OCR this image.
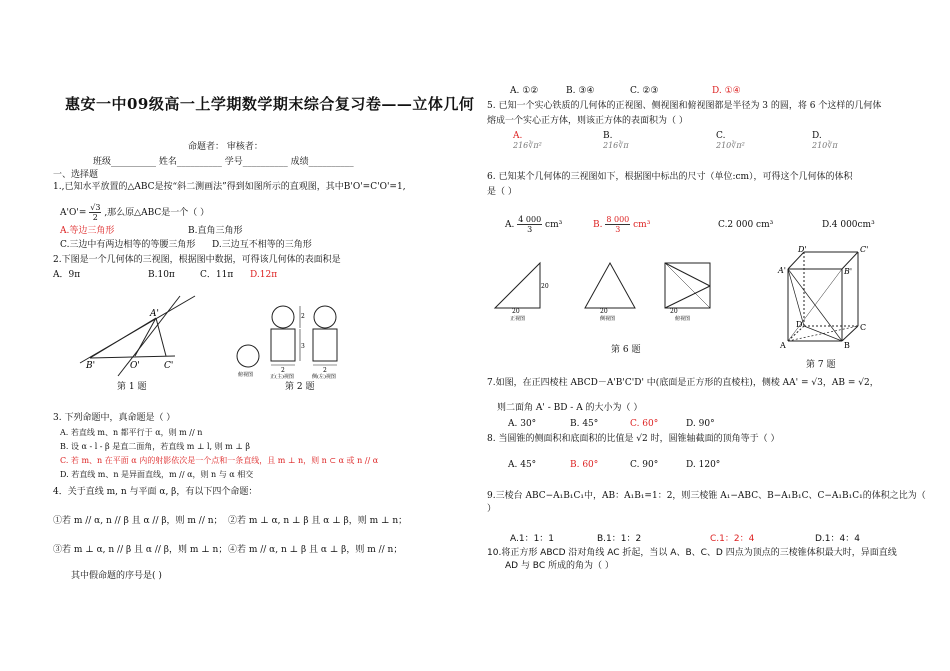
惠安一中09级高一上学期数学期末综合复习卷——立体几何
命题者： 审核者：
班级__________ 姓名__________ 学号__________ 成绩__________
一、选择题
1.,已知水平放置的△ABC是按“斜二测画法”得到如图所示的直观图，其中B'O'=C'O'=1,
$A'O'= \frac{√3}{2}$ ,那么原△ABC是一个（ ）
A.等边三角形	B.直角三角形
C.三边中有两边相等的等腰三角形 D.三边互不相等的三角形
2.下图是一个几何体的三视图，根据图中数据，可得该几何体的表面积是
A．9π	B.10π	C．11π D.12π
A'
B'	O'	C'
第 1 题
2
3
2	2
俯视图	正(主)视图	侧(左)视图
第 2 题
3. 下列命题中，真命题是（ ）
A. 若直线 m、n 都平行于 α，则 m // n
B. 设 α - l - β 是直二面角，若直线 m ⊥ l, 则 m ⊥ β
C. 若 m、n 在平面 α 内的射影依次是一个点和一条直线，且 m ⊥ n，则 n ⊂ α 或 n // α
D. 若直线 m、n 是异面直线，m // α，则 n 与 α 相交
4．关于直线 m, n 与平面 α, β，有以下四个命题：
①若 m // α, n // β 且 α // β，则 m // n； ②若 m ⊥ α, n ⊥ β 且 α ⊥ β，则 m ⊥ n；
③若 m ⊥ α, n // β 且 α // β，则 m ⊥ n； ④若 m // α, n ⊥ β 且 α ⊥ β，则 m // n；
其中假命题的序号是( )
A. ①②	B. ③④	C. ②③	D. ①④
5. 已知一个实心铁质的几何体的正视图、侧视图和俯视图都是半径为 3 的圆，将 6 个这样的几何体
熔成一个实心正方体，则该正方体的表面积为（ ）
A.
216∛π²
B.
216∛π
C.
210∛π²
D.
210∛π
6. 已知某个几何体的三视图如下，根据图中标出的尺寸（单位:cm），可得这个几何体的体积
是（ ）
A. $\frac{4 000}{3} cm^3$	B. $\frac{8 000}{3} cm^3$	C.2 000 cm³	D.4 000cm³
20
20	20	20
正视图	侧视图	俯视图
第 6 题
D'	C'
A'	B'
D	C
A	B
第 7 题
7.如图，在正四棱柱 ABCD－A'B'C'D' 中(底面是正方形的直棱柱)，侧棱 AA' = √3，AB = √2，
则二面角 A' - BD - A 的大小为（ ）
A. 30°	B. 45°	C. 60°	D. 90°
8. 当圆锥的侧面积和底面积的比值是 √2 时，圆锥轴截面的顶角等于（ ）
A. 45°	B. 60°	C. 90°	D. 120°
9.三棱台 ABC−A₁B₁C₁中，AB：A₁B₁=1：2，则三棱锥 A₁−ABC、B−A₁B₁C、C−A₁B₁C₁的体积之比为（
）
A.1：1：1	B.1：1：2	C.1：2：4	D.1：4：4
10.将正方形 ABCD 沿对角线 AC 折起，当以 A、B、C、D 四点为顶点的三棱锥体积最大时，异面直线
AD 与 BC 所成的角为（ ）
